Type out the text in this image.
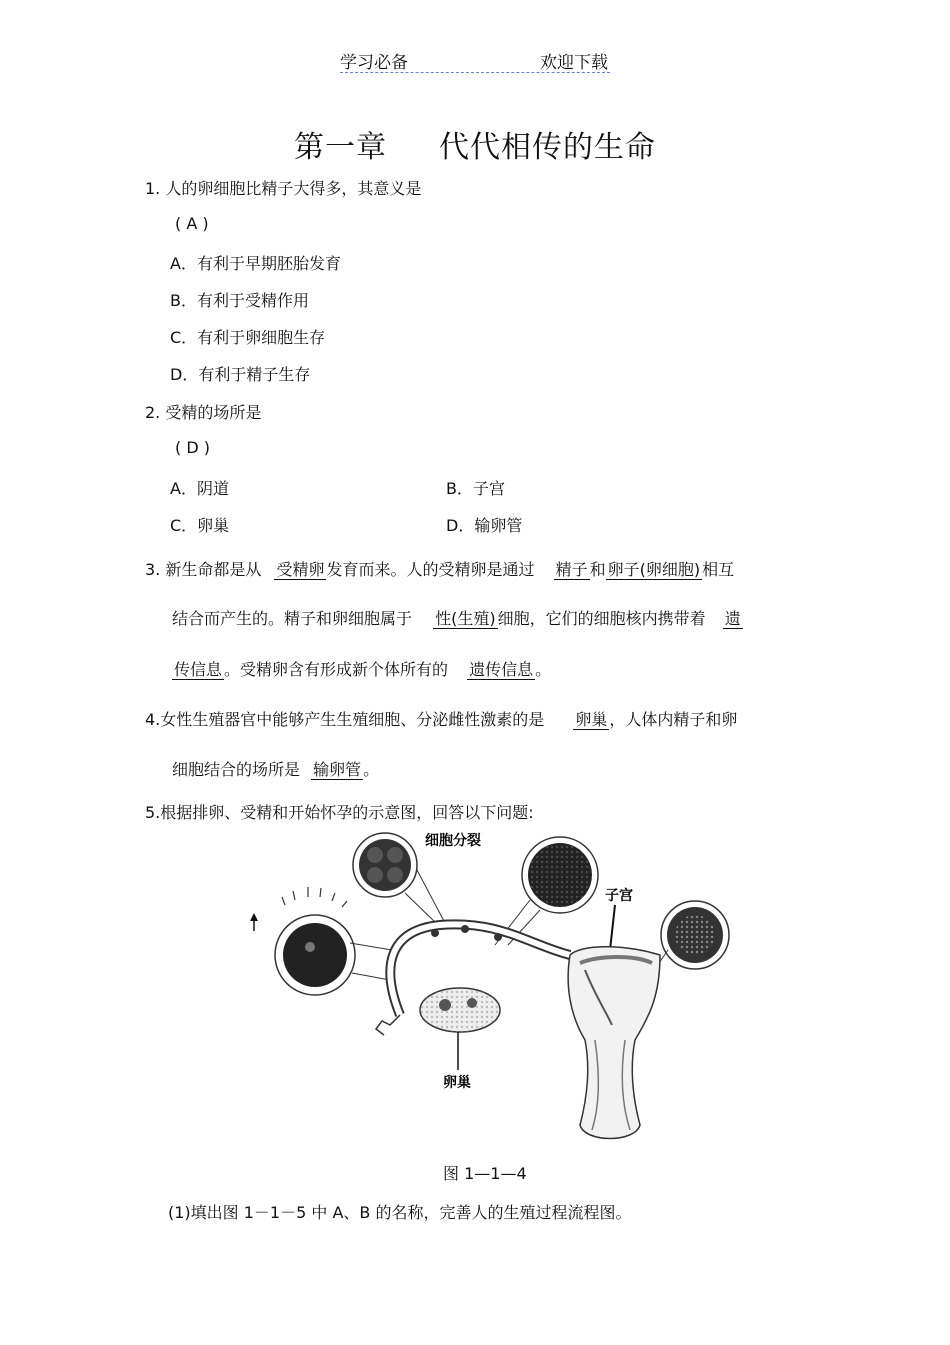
学习必备	欢迎下载
第一章 代代相传的生命
1. 人的卵细胞比精子大得多，其意义是
( A )
A．有利于早期胚胎发育
B．有利于受精作用
C．有利于卵细胞生存
D．有利于精子生存
2. 受精的场所是
( D )
A．阴道	B．子宫
C．卵巢	D．输卵管
3. 新生命都是从 受精卵 发育而来。人的受精卵是通过 精子 和 卵子(卵细胞) 相互
结合而产生的。精子和卵细胞属于 性(生殖) 细胞，它们的细胞核内携带着 遗
传信息 。受精卵含有形成新个体所有的 遗传信息 。
4.女性生殖器官中能够产生生殖细胞、分泌雌性激素的是 卵巢 ，人体内精子和卵
细胞结合的场所是 输卵管 。
5.根据排卵、受精和开始怀孕的示意图，回答以下问题:
细胞分裂
子宫
卵巢
图 1—1—4
(1)填出图 1－1－5 中 A、B 的名称，完善人的生殖过程流程图。
